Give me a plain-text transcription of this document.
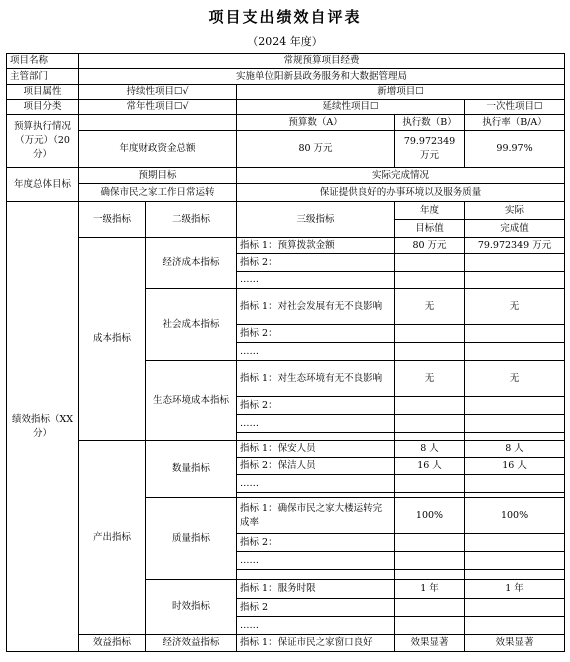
项目支出绩效自评表
（2024 年度）
项目名称	常规预算项目经费				
主管部门	实施单位阳新县政务服务和大数据管理局				
项目属性	持续性项目☐√		新增项目☐		
项目分类	常年性项目☐√		延续性项目☐		一次性项目☐
预算执行情况（万元）（20 分）			预算数（A）	执行数（B）	执行率（B/A）
	年度财政资金总额		80 万元	79.972349 万元	99.97%
年度总体目标	预期目标		实际完成情况		
	确保市民之家工作日常运转		保证提供良好的办事环境以及服务质量		
绩效指标（XX 分）	一级指标	二级指标	三级指标	年度	实际
				目标值	完成值
	成本指标	经济成本指标	指标 1：预算拨款金额	80 万元	79.972349 万元
			指标 2：		
			……		
		社会成本指标	指标 1：对社会发展有无不良影响	无	无
			指标 2：		
			……		
		生态环境成本指标	指标 1：对生态环境有无不良影响	无	无
			指标 2：		
			……		

	产出指标	数量指标	指标 1：保安人员	8 人	8 人
			指标 2：保洁人员	16 人	16 人
			……		

		质量指标	指标 1：确保市民之家大楼运转完成率	100%	100%
			指标 2：		
			……		

		时效指标	指标 1：服务时限	1 年	1 年
			指标 2		
			……		
	效益指标	经济效益指标	指标 1：保证市民之家窗口良好	效果显著	效果显著
